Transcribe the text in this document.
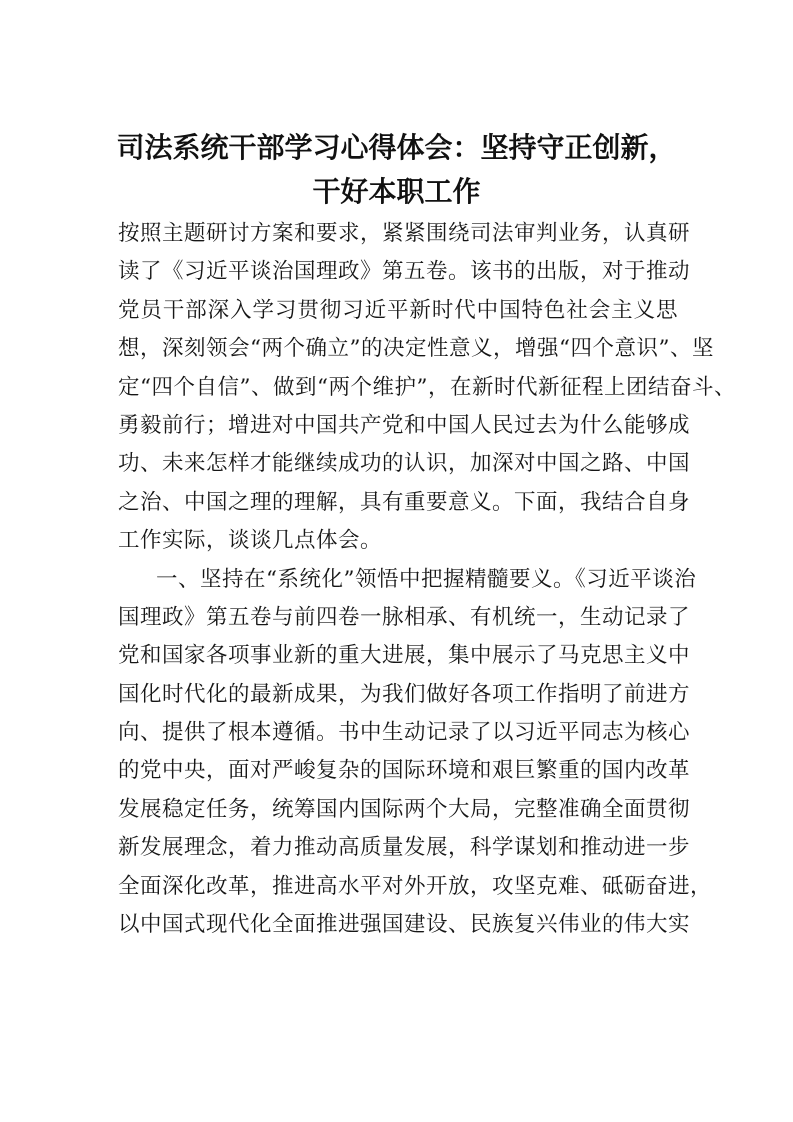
司法系统干部学习心得体会：坚持守正创新，
干好本职工作
按照主题研讨方案和要求，紧紧围绕司法审判业务，认真研
读了《习近平谈治国理政》第五卷。该书的出版，对于推动
党员干部深入学习贯彻习近平新时代中国特色社会主义思
想，深刻领会“两个确立”的决定性意义，增强“四个意识”、坚
定“四个自信”、做到“两个维护”，在新时代新征程上团结奋斗、
勇毅前行；增进对中国共产党和中国人民过去为什么能够成
功、未来怎样才能继续成功的认识，加深对中国之路、中国
之治、中国之理的理解，具有重要意义。下面，我结合自身
工作实际，谈谈几点体会。
一、坚持在“系统化”领悟中把握精髓要义。《习近平谈治
国理政》第五卷与前四卷一脉相承、有机统一，生动记录了
党和国家各项事业新的重大进展，集中展示了马克思主义中
国化时代化的最新成果，为我们做好各项工作指明了前进方
向、提供了根本遵循。书中生动记录了以习近平同志为核心
的党中央，面对严峻复杂的国际环境和艰巨繁重的国内改革
发展稳定任务，统筹国内国际两个大局，完整准确全面贯彻
新发展理念，着力推动高质量发展，科学谋划和推动进一步
全面深化改革，推进高水平对外开放，攻坚克难、砥砺奋进，
以中国式现代化全面推进强国建设、民族复兴伟业的伟大实
